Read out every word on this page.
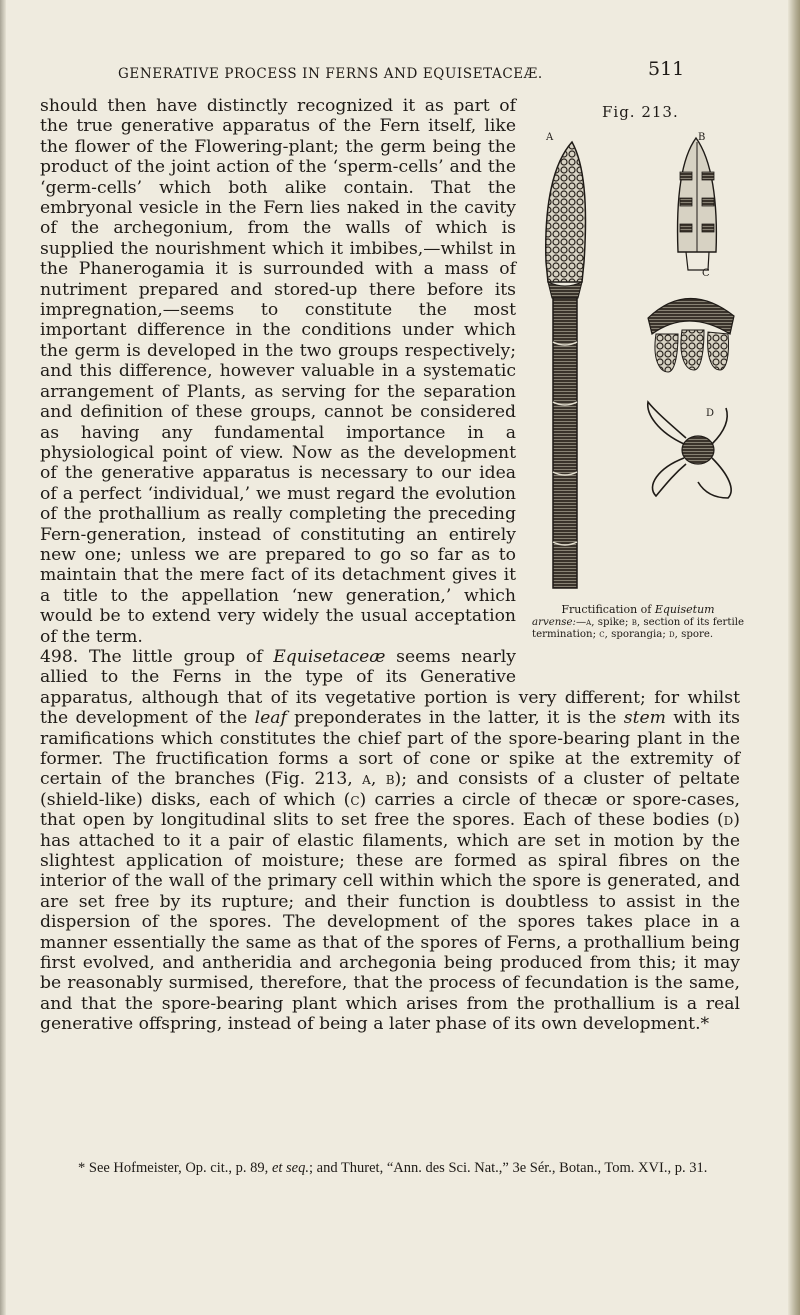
GENERATIVE PROCESS IN FERNS AND EQUISETACEÆ.	511
Fig. 213.
A	B
C
D
Fructification of Equisetum
arvense:—a, spike; b, section of its fertile termination; c, sporangia; d, spore.

should then have distinctly recognized it as part of the true generative apparatus of the Fern itself, like the flower of the Flowering-plant; the germ being the product of the joint action of the ‘sperm-cells’ and the ‘germ-cells’ which both alike contain. That the embryonal vesicle in the Fern lies naked in the cavity of the archegonium, from the walls of which is supplied the nourishment which it imbibes,—whilst in the Phanerogamia it is surrounded with a mass of nutriment prepared and stored-up there before its impregnation,—seems to constitute the most important difference in the conditions under which the germ is developed in the two groups respectively; and this difference, however valuable in a systematic arrangement of Plants, as serving for the separation and definition of these groups, cannot be considered as having any fundamental importance in a physiological point of view. Now as the development of the generative apparatus is necessary to our idea of a perfect ‘individual,’ we must regard the evolution of the prothallium as really completing the preceding Fern-generation, instead of constituting an entirely new one; unless we are prepared to go so far as to maintain that the mere fact of its detachment gives it a title to the appellation ‘new generation,’ which would be to extend very widely the usual acceptation of the term.

498. The little group of Equisetaceæ seems nearly allied to the Ferns in the type of its Generative apparatus, although that of its vegetative portion is very different; for whilst the development of the leaf preponderates in the latter, it is the stem with its ramifications which constitutes the chief part of the spore-bearing plant in the former. The fructification forms a sort of cone or spike at the extremity of certain of the branches (Fig. 213, a, b); and consists of a cluster of peltate (shield-like) disks, each of which (c) carries a circle of thecæ or spore-cases, that open by longitudinal slits to set free the spores. Each of these bodies (d) has attached to it a pair of elastic filaments, which are set in motion by the slightest application of moisture; these are formed as spiral fibres on the interior of the wall of the primary cell within which the spore is generated, and are set free by its rupture; and their function is doubtless to assist in the dispersion of the spores. The development of the spores takes place in a manner essentially the same as that of the spores of Ferns, a prothallium being first evolved, and antheridia and archegonia being produced from this; it may be reasonably surmised, therefore, that the process of fecundation is the same, and that the spore-bearing plant which arises from the prothallium is a real generative offspring, instead of being a later phase of its own development.*

* See Hofmeister, Op. cit., p. 89, et seq.; and Thuret, “Ann. des Sci. Nat.,” 3e Sér., Botan., Tom. XVI., p. 31.
